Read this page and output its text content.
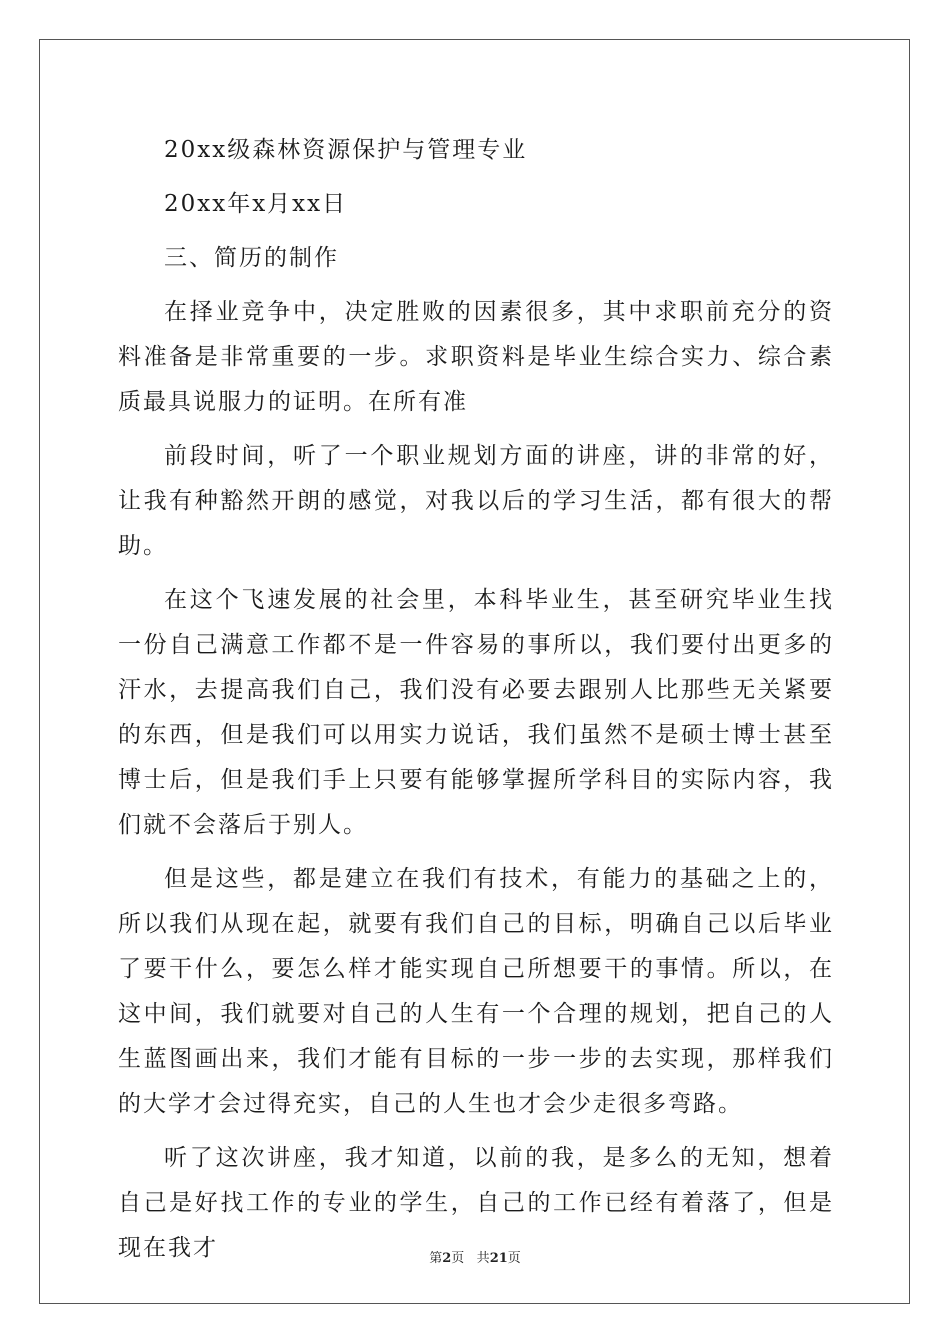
20xx级森林资源保护与管理专业

20xx年x月xx日

三、简历的制作

在择业竞争中，决定胜败的因素很多，其中求职前充分的资料准备是非常重要的一步。求职资料是毕业生综合实力、综合素质最具说服力的证明。在所有准

前段时间，听了一个职业规划方面的讲座，讲的非常的好，让我有种豁然开朗的感觉，对我以后的学习生活，都有很大的帮助。

在这个飞速发展的社会里，本科毕业生，甚至研究毕业生找一份自己满意工作都不是一件容易的事所以，我们要付出更多的汗水，去提高我们自己，我们没有必要去跟别人比那些无关紧要的东西，但是我们可以用实力说话，我们虽然不是硕士博士甚至博士后，但是我们手上只要有能够掌握所学科目的实际内容，我们就不会落后于别人。

但是这些，都是建立在我们有技术，有能力的基础之上的，所以我们从现在起，就要有我们自己的目标，明确自己以后毕业了要干什么，要怎么样才能实现自己所想要干的事情。所以，在这中间，我们就要对自己的人生有一个合理的规划，把自己的人生蓝图画出来，我们才能有目标的一步一步的去实现，那样我们的大学才会过得充实，自己的人生也才会少走很多弯路。

听了这次讲座，我才知道，以前的我，是多么的无知，想着自己是好找工作的专业的学生，自己的工作已经有着落了，但是现在我才	第2页 共21页
